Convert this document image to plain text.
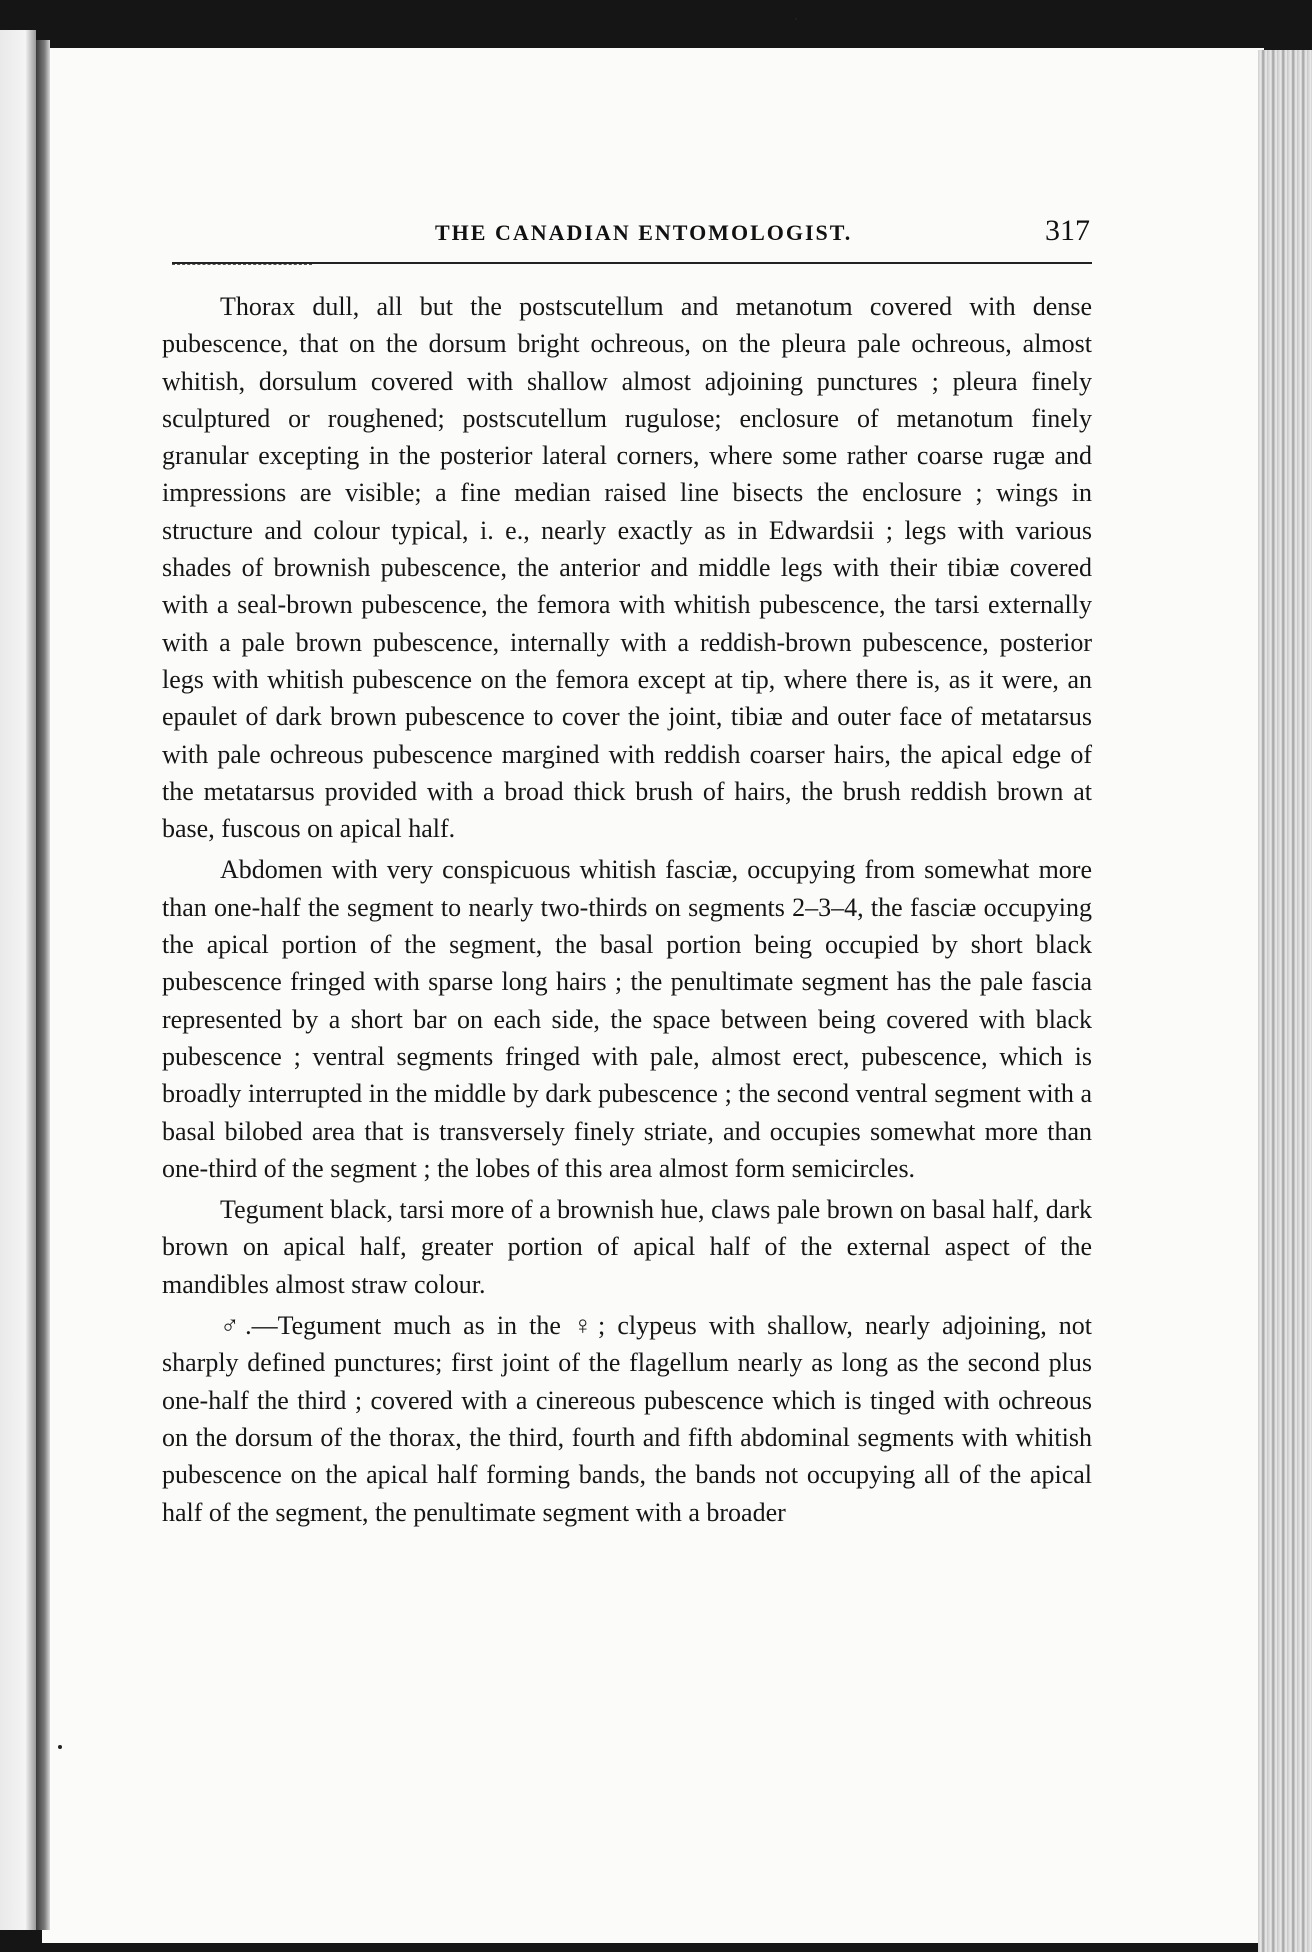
THE CANADIAN ENTOMOLOGIST.	317

Thorax dull, all but the postscutellum and metanotum covered with dense pubescence, that on the dorsum bright ochreous, on the pleura pale ochreous, almost whitish, dorsulum covered with shallow almost adjoining punctures ; pleura finely sculptured or roughened; postscutellum rugulose; enclosure of metanotum finely granular excepting in the posterior lateral corners, where some rather coarse rugæ and impressions are visible; a fine median raised line bisects the enclosure ; wings in structure and colour typical, i. e., nearly exactly as in Edwardsii ; legs with various shades of brownish pubescence, the anterior and middle legs with their tibiæ covered with a seal-brown pubescence, the femora with whitish pubescence, the tarsi externally with a pale brown pubescence, internally with a reddish-brown pubescence, posterior legs with whitish pubescence on the femora except at tip, where there is, as it were, an epaulet of dark brown pubescence to cover the joint, tibiæ and outer face of metatarsus with pale ochreous pubescence margined with reddish coarser hairs, the apical edge of the metatarsus provided with a broad thick brush of hairs, the brush reddish brown at base, fuscous on apical half.

Abdomen with very conspicuous whitish fasciæ, occupying from somewhat more than one-half the segment to nearly two-thirds on segments 2–3–4, the fasciæ occupying the apical portion of the segment, the basal portion being occupied by short black pubescence fringed with sparse long hairs ; the penultimate segment has the pale fascia represented by a short bar on each side, the space between being covered with black pubescence ; ventral segments fringed with pale, almost erect, pubescence, which is broadly interrupted in the middle by dark pubescence ; the second ventral segment with a basal bilobed area that is transversely finely striate, and occupies somewhat more than one-third of the segment ; the lobes of this area almost form semicircles.

Tegument black, tarsi more of a brownish hue, claws pale brown on basal half, dark brown on apical half, greater portion of apical half of the external aspect of the mandibles almost straw colour.

♂.—Tegument much as in the ♀; clypeus with shallow, nearly adjoining, not sharply defined punctures; first joint of the flagellum nearly as long as the second plus one-half the third ; covered with a cinereous pubescence which is tinged with ochreous on the dorsum of the thorax, the third, fourth and fifth abdominal segments with whitish pubescence on the apical half forming bands, the bands not occupying all of the apical half of the segment, the penultimate segment with a broader
